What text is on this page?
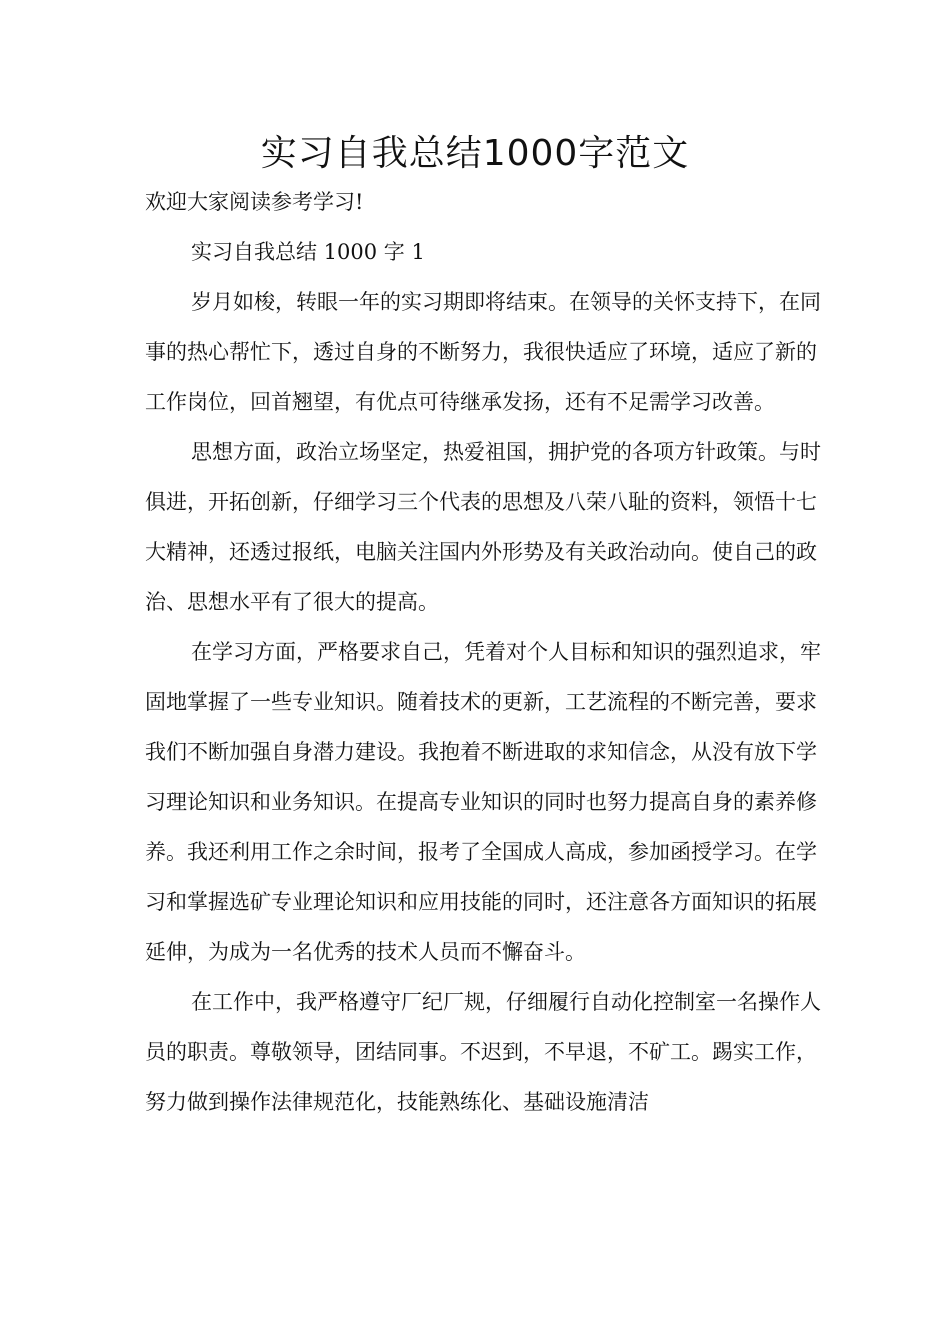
实习自我总结1000字范文

欢迎大家阅读参考学习!

实习自我总结 1000 字 1

岁月如梭，转眼一年的实习期即将结束。在领导的关怀支持下，在同事的热心帮忙下，透过自身的不断努力，我很快适应了环境，适应了新的工作岗位，回首翘望，有优点可待继承发扬，还有不足需学习改善。

思想方面，政治立场坚定，热爱祖国，拥护党的各项方针政策。与时俱进，开拓创新，仔细学习三个代表的思想及八荣八耻的资料，领悟十七大精神，还透过报纸，电脑关注国内外形势及有关政治动向。使自己的政治、思想水平有了很大的提高。

在学习方面，严格要求自己，凭着对个人目标和知识的强烈追求，牢固地掌握了一些专业知识。随着技术的更新，工艺流程的不断完善，要求我们不断加强自身潜力建设。我抱着不断进取的求知信念，从没有放下学习理论知识和业务知识。在提高专业知识的同时也努力提高自身的素养修养。我还利用工作之余时间，报考了全国成人高成，参加函授学习。在学习和掌握选矿专业理论知识和应用技能的同时，还注意各方面知识的拓展延伸，为成为一名优秀的技术人员而不懈奋斗。

在工作中，我严格遵守厂纪厂规，仔细履行自动化控制室一名操作人员的职责。尊敬领导，团结同事。不迟到，不早退，不矿工。踢实工作，努力做到操作法律规范化，技能熟练化、基础设施清洁
